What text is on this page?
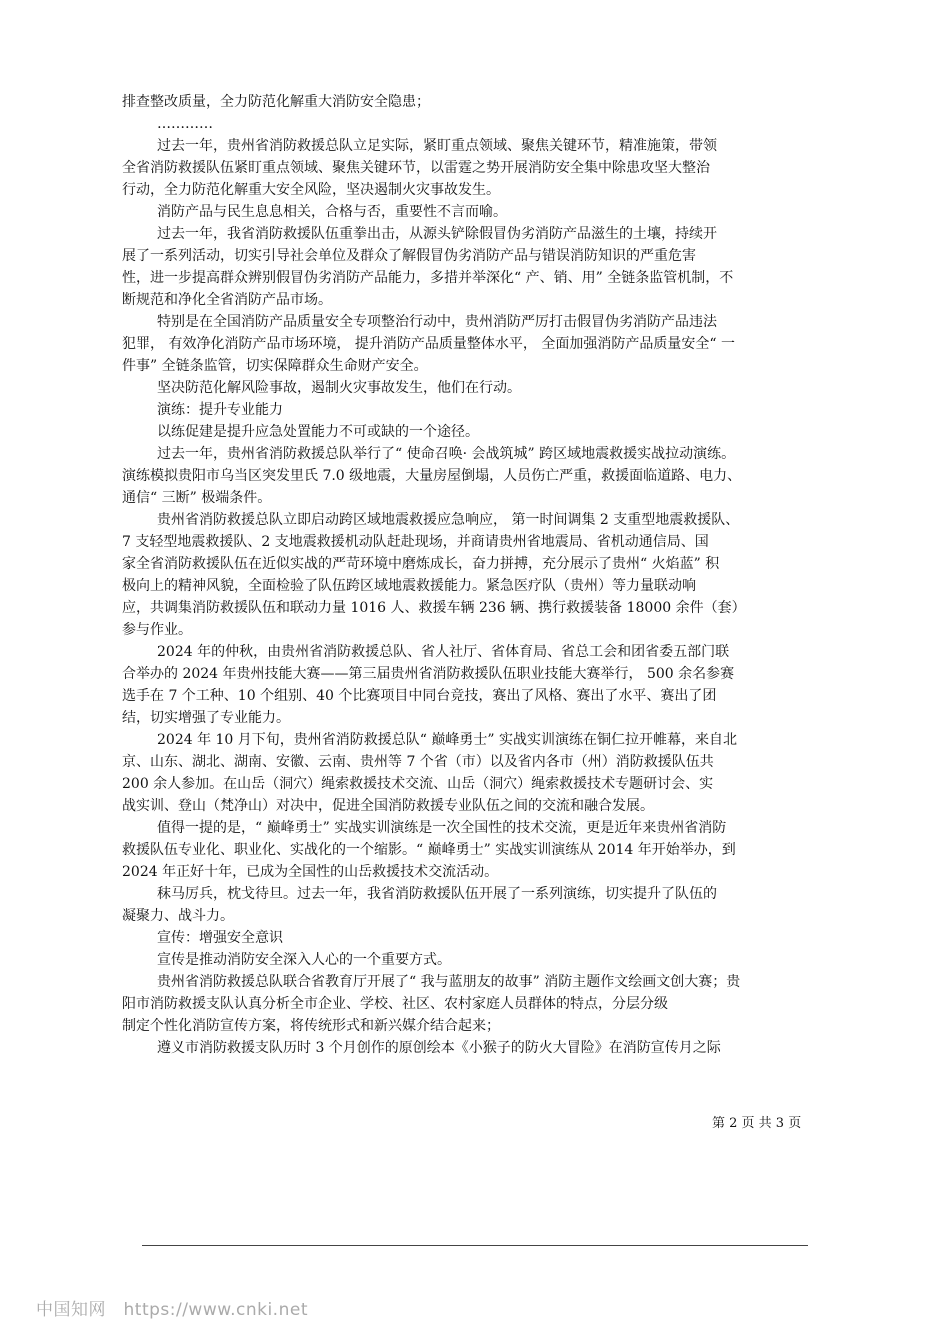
排查整改质量，全力防范化解重大消防安全隐患；

…………

过去一年，贵州省消防救援总队立足实际，紧盯重点领域、聚焦关键环节，精准施策，带领
全省消防救援队伍紧盯重点领域、聚焦关键环节，以雷霆之势开展消防安全集中除患攻坚大整治
行动，全力防范化解重大安全风险，坚决遏制火灾事故发生。

消防产品与民生息息相关，合格与否，重要性不言而喻。

过去一年，我省消防救援队伍重拳出击，从源头铲除假冒伪劣消防产品滋生的土壤，持续开
展了一系列活动，切实引导社会单位及群众了解假冒伪劣消防产品与错误消防知识的严重危害
性，进一步提高群众辨别假冒伪劣消防产品能力，多措并举深化“ 产、销、用” 全链条监管机制，不
断规范和净化全省消防产品市场。

特别是在全国消防产品质量安全专项整治行动中，贵州消防严厉打击假冒伪劣消防产品违法
犯罪， 有效净化消防产品市场环境， 提升消防产品质量整体水平， 全面加强消防产品质量安全“ 一
件事” 全链条监管，切实保障群众生命财产安全。

坚决防范化解风险事故，遏制火灾事故发生，他们在行动。

演练：提升专业能力

以练促建是提升应急处置能力不可或缺的一个途径。

过去一年，贵州省消防救援总队举行了“ 使命召唤· 会战筑城” 跨区域地震救援实战拉动演练。
演练模拟贵阳市乌当区突发里氏 7.0 级地震，大量房屋倒塌，人员伤亡严重，救援面临道路、电力、
通信“ 三断” 极端条件。

贵州省消防救援总队立即启动跨区域地震救援应急响应， 第一时间调集 2 支重型地震救援队、
7 支轻型地震救援队、2 支地震救援机动队赶赴现场，并商请贵州省地震局、省机动通信局、国
家全省消防救援队伍在近似实战的严苛环境中磨炼成长，奋力拼搏，充分展示了贵州“ 火焰蓝” 积
极向上的精神风貌，全面检验了队伍跨区域地震救援能力。紧急医疗队（贵州）等力量联动响
应，共调集消防救援队伍和联动力量 1016 人、救援车辆 236 辆、携行救援装备 18000 余件（套）
参与作业。

2024 年的仲秋，由贵州省消防救援总队、省人社厅、省体育局、省总工会和团省委五部门联
合举办的 2024 年贵州技能大赛——第三届贵州省消防救援队伍职业技能大赛举行， 500 余名参赛
选手在 7 个工种、10 个组别、40 个比赛项目中同台竞技，赛出了风格、赛出了水平、赛出了团
结，切实增强了专业能力。

2024 年 10 月下旬，贵州省消防救援总队“ 巅峰勇士” 实战实训演练在铜仁拉开帷幕，来自北
京、山东、湖北、湖南、安徽、云南、贵州等 7 个省（市）以及省内各市（州）消防救援队伍共
200 余人参加。在山岳（洞穴）绳索救援技术交流、山岳（洞穴）绳索救援技术专题研讨会、实
战实训、登山（梵净山）对决中，促进全国消防救援专业队伍之间的交流和融合发展。

值得一提的是，“ 巅峰勇士” 实战实训演练是一次全国性的技术交流，更是近年来贵州省消防
救援队伍专业化、职业化、实战化的一个缩影。“ 巅峰勇士” 实战实训演练从 2014 年开始举办，到
2024 年正好十年，已成为全国性的山岳救援技术交流活动。

秣马厉兵，枕戈待旦。过去一年，我省消防救援队伍开展了一系列演练，切实提升了队伍的
凝聚力、战斗力。

宣传：增强安全意识

宣传是推动消防安全深入人心的一个重要方式。

贵州省消防救援总队联合省教育厅开展了“ 我与蓝朋友的故事” 消防主题作文绘画文创大赛；贵
阳市消防救援支队认真分析全市企业、学校、社区、农村家庭人员群体的特点，分层分级
制定个性化消防宣传方案，将传统形式和新兴媒介结合起来；

遵义市消防救援支队历时 3 个月创作的原创绘本《小猴子的防火大冒险》在消防宣传月之际

第 2 页 共 3 页
中国知网　https://www.cnki.net
